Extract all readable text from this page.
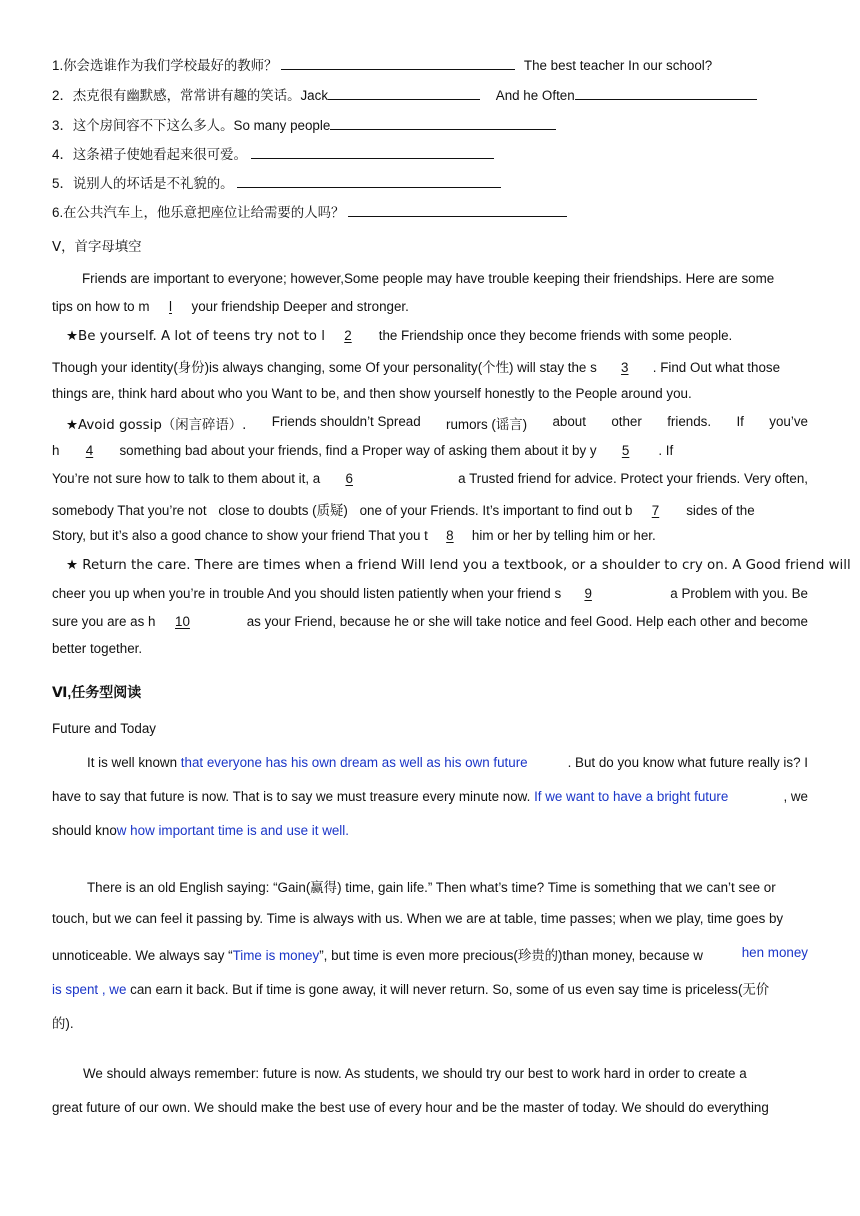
1.你会选谁作为我们学校最好的教师？	The best teacher In our school?
2．杰克很有幽默感，常常讲有趣的笑话。Jack	And he Often
3．这个房间容不下这么多人。So many people
4．这条裙子使她看起来很可爱。
5．说别人的坏话是不礼貌的。
6.在公共汽车上，他乐意把座位让给需要的人吗？
Ⅴ，首字母填空
Friends are important to everyone; however,Some people may have trouble keeping their friendships. Here are some
tips on how to m l your friendship Deeper and stronger.
★Be yourself. A lot of teens try not to l 2 the Friendship once they become friends with some people.
Though your identity(身份)is always changing, some Of your personality(个性) will stay the s 3 . Find Out what those
things are, think hard about who you Want to be, and then show yourself honestly to the People around you.
★Avoid gossip（闲言碎语）. Friends shouldn’t Spread rumors (谣言) about other friends. If you’ve
h 4 something bad about your friends, find a Proper way of asking them about it by y 5 . If
You’re not sure how to talk to them about it, a 6	a Trusted friend for advice. Protect your friends. Very often,
somebody That you’re not close to doubts (质疑) one of your Friends. It’s important to find out b 7 sides of the
Story, but it’s also a good chance to show your friend That you t 8 him or her by telling him or her.
★ Return the care. There are times when a friend Will lend you a textbook, or a shoulder to cry on. A Good friend will
cheer you up when you’re in trouble And you should listen patiently when your friend s 9	a Problem with you. Be
sure you are as h 10	as your Friend, because he or she will take notice and feel Good. Help each other and become
better together.
Ⅵ,任务型阅读
Future and Today
It is well known that everyone has his own dream as well as his own future	. But do you know what future really is? I
have to say that future is now. That is to say we must treasure every minute now. If we want to have a bright future	, we
should know how important time is and use it well.
There is an old English saying: “Gain(赢得) time, gain life.” Then what’s time? Time is something that we can’t see or
touch, but we can feel it passing by. Time is always with us. When we are at table, time passes; when we play, time goes by
unnoticeable. We always say “Time is money”, but time is even more precious(珍贵的)than money, because w	hen money
is spent , we can earn it back. But if time is gone away, it will never return. So, some of us even say time is priceless(无价
的).
We should always remember: future is now. As students, we should try our best to work hard in order to create a
great future of our own. We should make the best use of every hour and be the master of today. We should do everything
